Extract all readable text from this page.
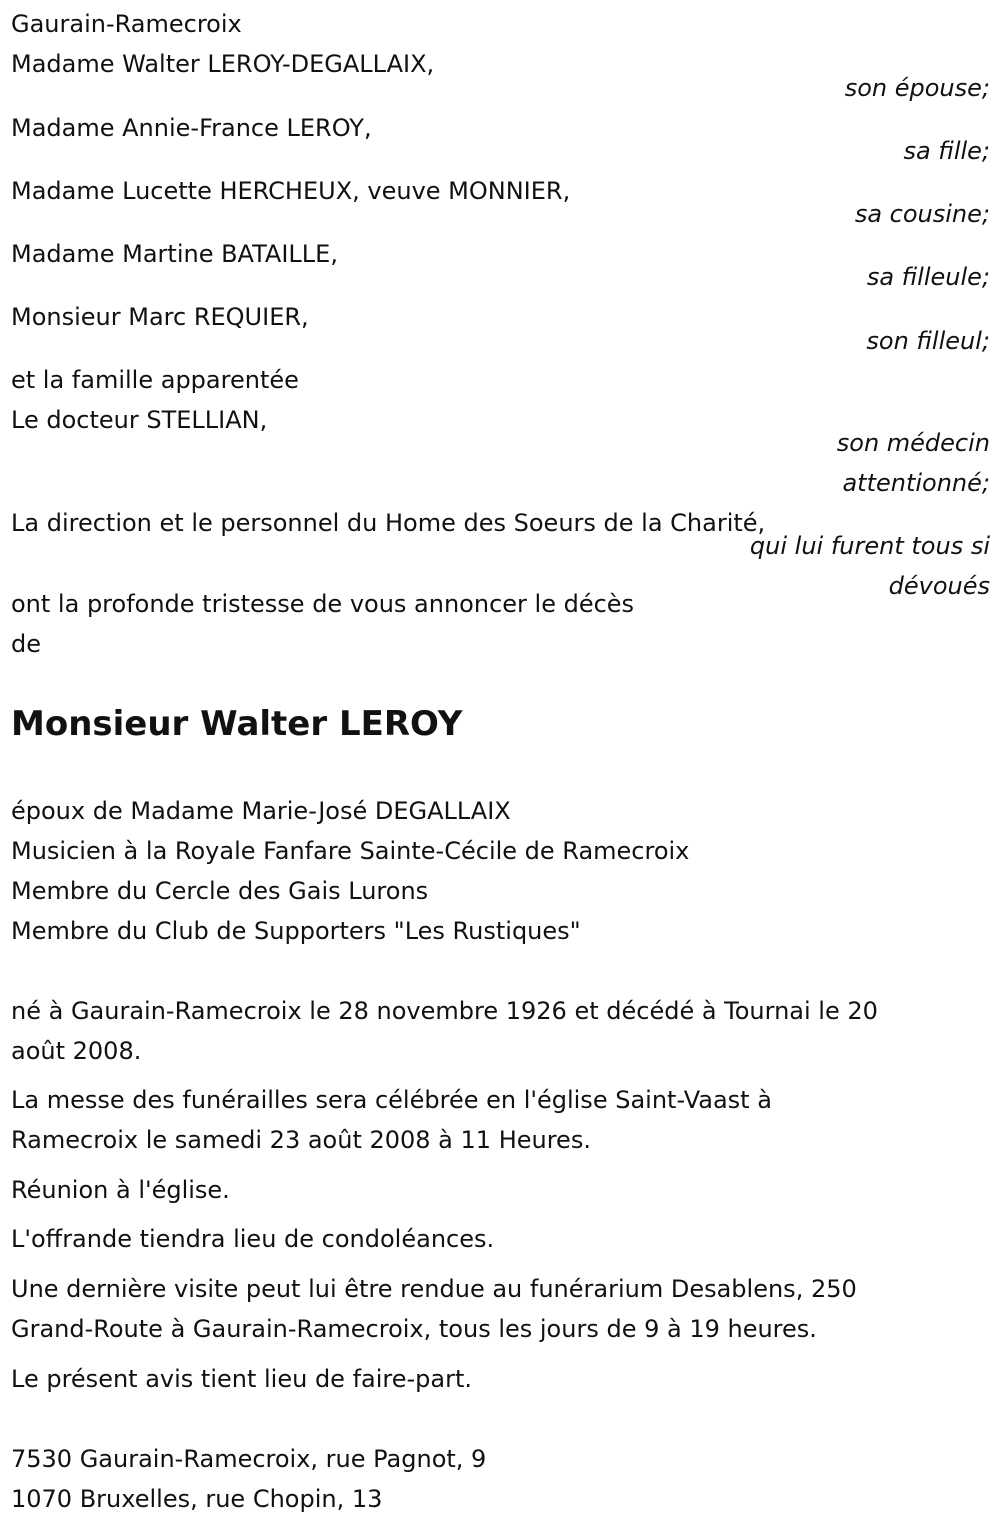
Gaurain-Ramecroix
Madame Walter LEROY-DEGALLAIX,
son épouse;
Madame Annie-France LEROY,
sa fille;
Madame Lucette HERCHEUX, veuve MONNIER,
sa cousine;
Madame Martine BATAILLE,
sa filleule;
Monsieur Marc REQUIER,
son filleul;
et la famille apparentée
Le docteur STELLIAN,
son médecin
attentionné;
La direction et le personnel du Home des Soeurs de la Charité,
qui lui furent tous si
dévoués
ont la profonde tristesse de vous annoncer le décès
de
Monsieur Walter LEROY
époux de Madame Marie-José DEGALLAIX
Musicien à la Royale Fanfare Sainte-Cécile de Ramecroix
Membre du Cercle des Gais Lurons
Membre du Club de Supporters "Les Rustiques"
né à Gaurain-Ramecroix le 28 novembre 1926 et décédé à Tournai le 20
août 2008.
La messe des funérailles sera célébrée en l'église Saint-Vaast à
Ramecroix le samedi 23 août 2008 à 11 Heures.
Réunion à l'église.
L'offrande tiendra lieu de condoléances.
Une dernière visite peut lui être rendue au funérarium Desablens, 250
Grand-Route à Gaurain-Ramecroix, tous les jours de 9 à 19 heures.
Le présent avis tient lieu de faire-part.
7530 Gaurain-Ramecroix, rue Pagnot, 9
1070 Bruxelles, rue Chopin, 13
